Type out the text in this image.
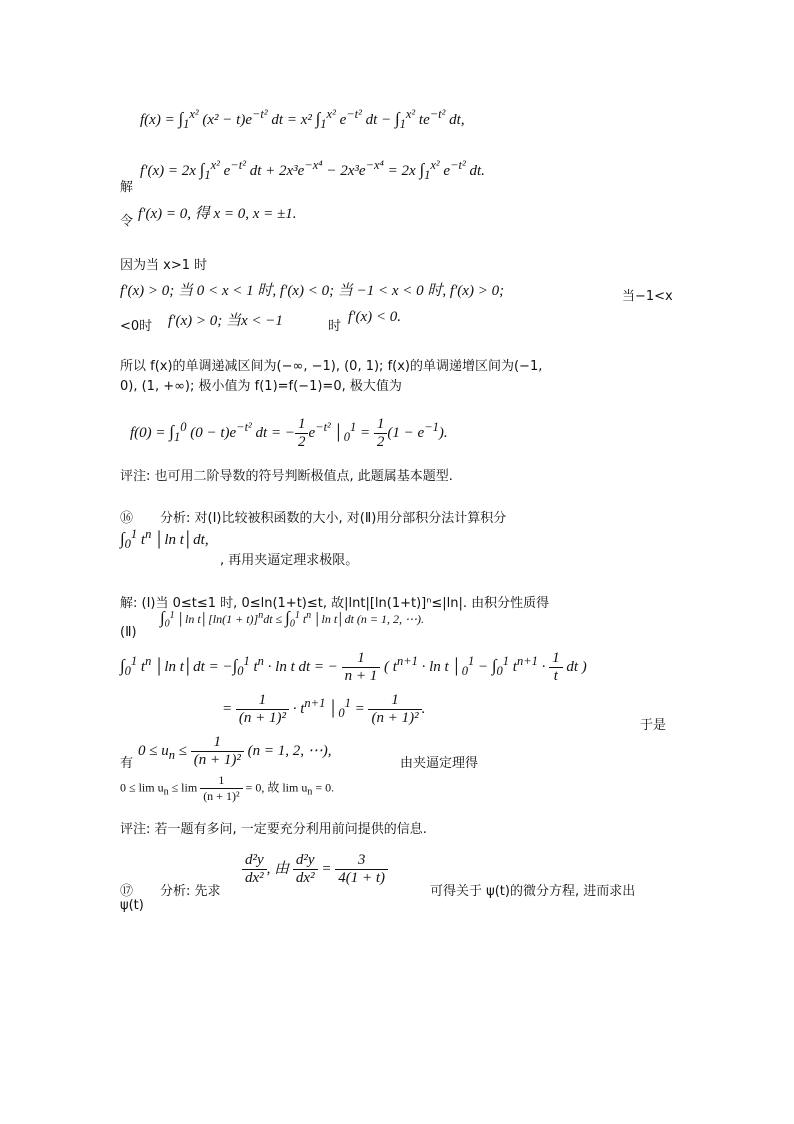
$f(x) = \int_1^{x^2}$ $(x^2 - t)e^{-t^2}$ dt = x² $\int_1^{x^2}$ $e^{-t^2}$ dt − $\int_1^{x^2}$ $te^{-t^2}$ dt,
f′(x) = 2x $\int_1^{x^2}$ $e^{-t^2}$ dt + $2x^3e^{-x^4} - 2x^3e^{-x^4} = 2x$ $\int_1^{x^2}$ $e^{-t^2}$ dt.
解
令 f′(x) = 0, 得 x = 0, x = ±1.
因为当 x>1 时
f′(x) > 0; 当 0 < x < 1 时, f′(x) < 0; 当 −1 < x < 0 时, f′(x) > 0;	当−1<x
<0时 f′(x) > 0; 当x < −1	时
f′(x) < 0.
所以 f(x)的单调递减区间为(−∞, −1), (0, 1); f(x)的单调递增区间为(−1,
0), (1, +∞); 极小值为 f(1)=f(−1)=0, 极大值为
$f(0) = \int_1^0$ $(0 - t)e^{-t^2}$ dt = − $\frac{1}{2} e^{-t^2}$ $│_0^1 = \frac{1}{2} (1 - e^{-1})$.
评注: 也可用二阶导数的符号判断极值点, 此题属基本题型.
⑯ 分析: 对(Ⅰ)比较被积函数的大小, 对(Ⅱ)用分部积分法计算积分
$\int_0^1$ $t^n$ │ln t│dt,
, 再用夹逼定理求极限。
解: (Ⅰ)当 0≤t≤1 时, 0≤ln(1+t)≤t, 故|lnt|[ln(1+t)]ⁿ≤|ln|. 由积分性质得
$\int_0^1$ │ln t│[ln(1 + $t)]^ndt \le \int_0^1$ $t^n$ │ln t│dt (n = 1, 2, ⋯).
(Ⅱ)
$\int_0^1$ $t^n$ │ln t│dt = $-\int_0^1$ $t^n \cdot \ln t$ dt = − $\frac{1}{n + 1}$ ( $t^{n+1} \cdot \ln t$ $│_0^1 - \int_0^1$ $t^{n+1} \cdot \frac{1}{t}$ dt )
= $\frac{1}{\text{(n + 1)²}} \cdot t^{n+1}$ $│_0^1 = \frac{1}{\text{(n + 1)²}}$ .
于是
有
$0 \le u_n \le \frac{1}{\text{(n + 1)²}} (n = 1$, 2, ⋯),
由夹逼定理得
$0 \le \lim u_n \le \lim \frac{1}{\text{(n + 1)²}} = 0$, 故 $\lim u_n = 0$.
评注: 若一题有多问, 一定要充分利用前问提供的信息.
⑰ 分析: 先求
$\frac{\text{d²y}}{\text{dx²}}$ , 由 $\frac{\text{d²y}}{\text{dx²}} = \frac{3}{4(1 + t)}$
可得关于 ψ(t)的微分方程, 进而求出
ψ(t)
